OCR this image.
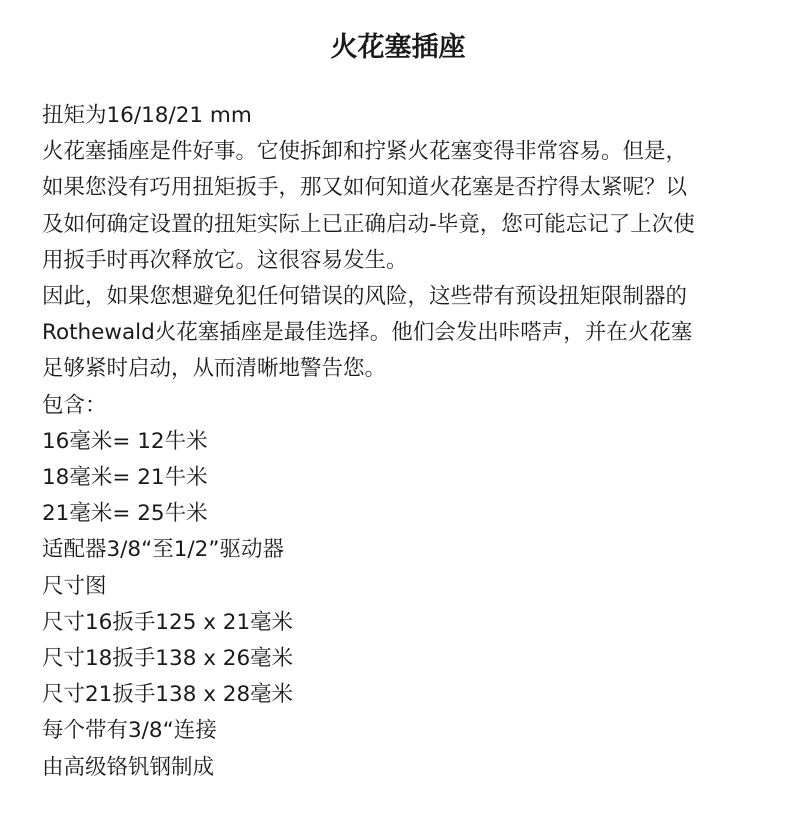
火花塞插座
扭矩为16/18/21 mm
火花塞插座是件好事。它使拆卸和拧紧火花塞变得非常容易。但是，
如果您没有巧用扭矩扳手，那又如何知道火花塞是否拧得太紧呢？以
及如何确定设置的扭矩实际上已正确启动-毕竟，您可能忘记了上次使
用扳手时再次释放它。这很容易发生。
因此，如果您想避免犯任何错误的风险，这些带有预设扭矩限制器的
Rothewald火花塞插座是最佳选择。他们会发出咔嗒声，并在火花塞
足够紧时启动，从而清晰地警告您。
包含：
16毫米= 12牛米
18毫米= 21牛米
21毫米= 25牛米
适配器3/8“至1/2”驱动器
尺寸图
尺寸16扳手125 x 21毫米
尺寸18扳手138 x 26毫米
尺寸21扳手138 x 28毫米
每个带有3/8“连接
由高级铬钒钢制成
